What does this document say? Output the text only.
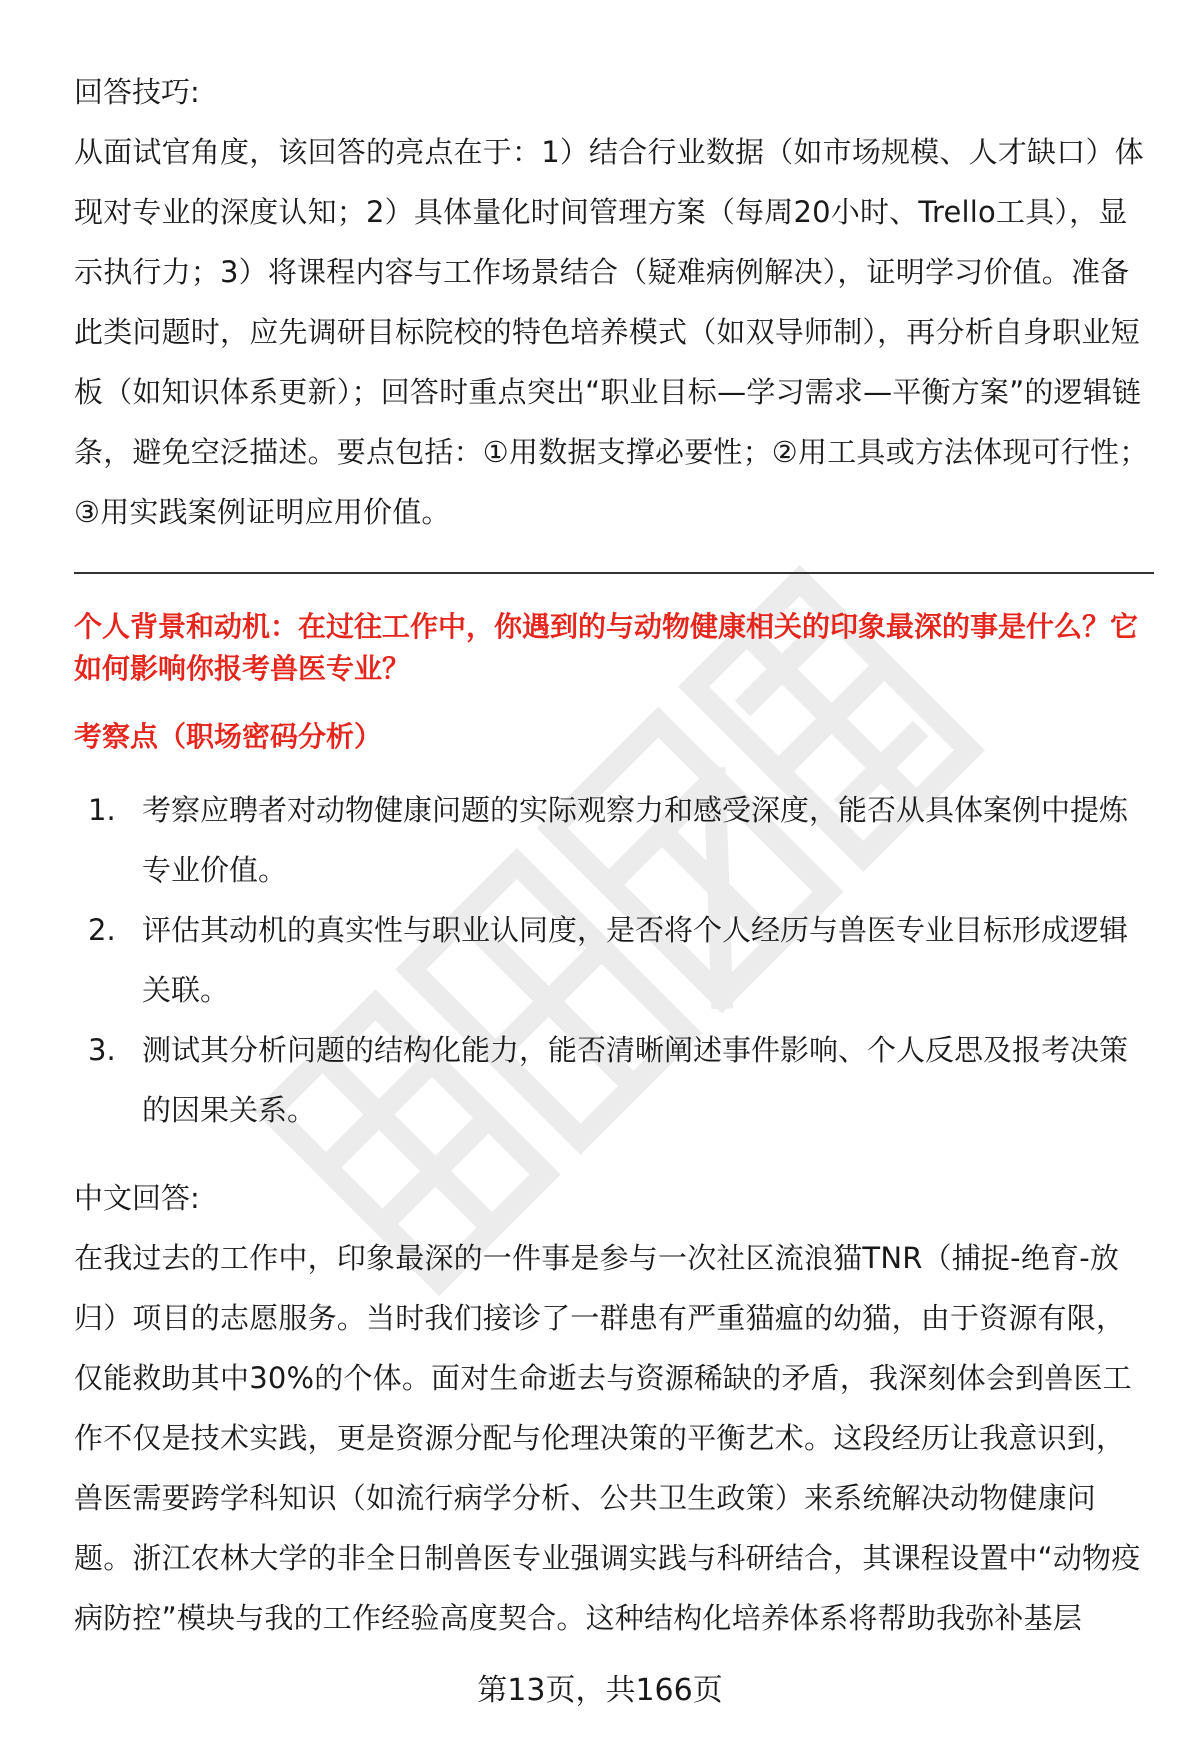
回答技巧:

从面试官角度，该回答的亮点在于：1）结合行业数据（如市场规模、人才缺口）体现对专业的深度认知；2）具体量化时间管理方案（每周20小时、Trello工具），显示执行力；3）将课程内容与工作场景结合（疑难病例解决），证明学习价值。准备此类问题时，应先调研目标院校的特色培养模式（如双导师制），再分析自身职业短板（如知识体系更新）；回答时重点突出“职业目标—学习需求—平衡方案”的逻辑链条，避免空泛描述。要点包括：①用数据支撑必要性；②用工具或方法体现可行性；③用实践案例证明应用价值。

个人背景和动机：在过往工作中，你遇到的与动物健康相关的印象最深的事是什么？它如何影响你报考兽医专业？

考察点（职场密码分析）

1. 考察应聘者对动物健康问题的实际观察力和感受深度，能否从具体案例中提炼专业价值。
2. 评估其动机的真实性与职业认同度，是否将个人经历与兽医专业目标形成逻辑关联。
3. 测试其分析问题的结构化能力，能否清晰阐述事件影响、个人反思及报考决策的因果关系。

中文回答:

在我过去的工作中，印象最深的一件事是参与一次社区流浪猫TNR（捕捉-绝育-放归）项目的志愿服务。当时我们接诊了一群患有严重猫瘟的幼猫，由于资源有限，仅能救助其中30%的个体。面对生命逝去与资源稀缺的矛盾，我深刻体会到兽医工作不仅是技术实践，更是资源分配与伦理决策的平衡艺术。这段经历让我意识到，兽医需要跨学科知识（如流行病学分析、公共卫生政策）来系统解决动物健康问题。浙江农林大学的非全日制兽医专业强调实践与科研结合，其课程设置中“动物疫病防控”模块与我的工作经验高度契合。这种结构化培养体系将帮助我弥补基层

第13页，共166页
